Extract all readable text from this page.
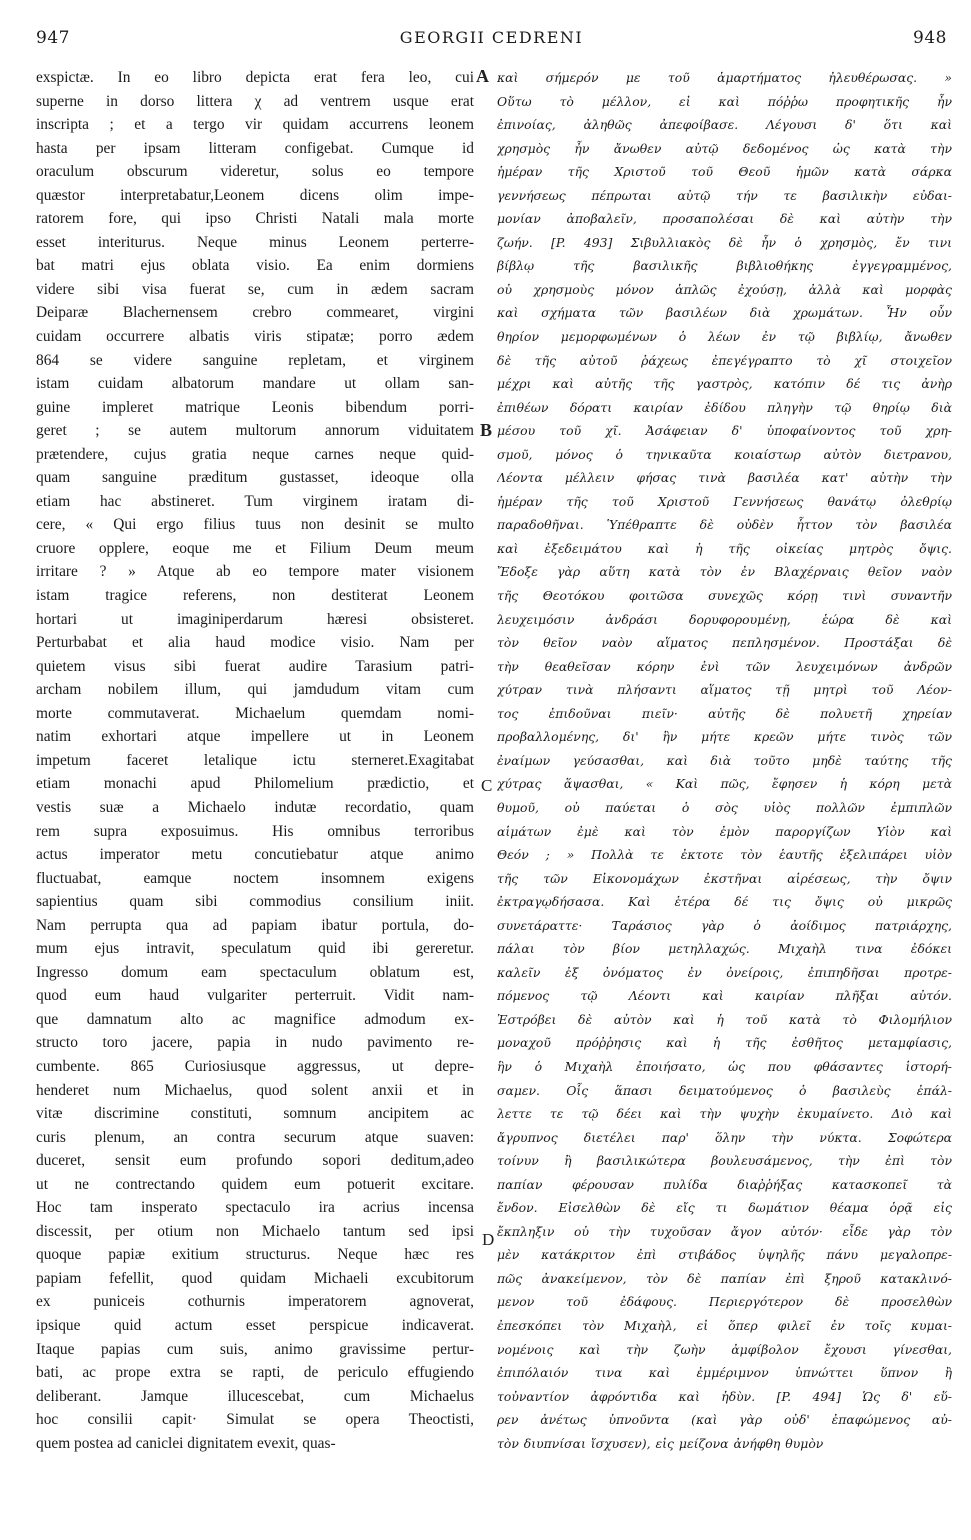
947	GEORGII CEDRENI	948
exspictæ. In eo libro depicta erat fera leo, cui
superne in dorso littera χ ad ventrem usque erat
inscripta ; et a tergo vir quidam accurrens leonem
hasta per ipsam litteram configebat. Cumque id
oraculum obscurum videretur, solus eo tempore
quæstor interpretabatur,Leonem dicens olim impe-
ratorem fore, qui ipso Christi Natali mala morte
esset interiturus. Neque minus Leonem perterre-
bat matri ejus oblata visio. Ea enim dormiens
videre sibi visa fuerat se, cum in ædem sacram
Deiparæ Blachernensem crebro commearet, virgini
cuidam occurrere albatis viris stipatæ; porro ædem
864 se videre sanguine repletam, et virginem
istam cuidam albatorum mandare ut ollam san-
guine impleret matrique Leonis bibendum porri-
geret ; se autem multorum annorum viduitatem
prætendere, cujus gratia neque carnes neque quid-
quam sanguine præditum gustasset, ideoque olla
etiam hac abstineret. Tum virginem iratam di-
cere, « Qui ergo filius tuus non desinit se multo
cruore opplere, eoque me et Filium Deum meum
irritare ? » Atque ab eo tempore mater visionem
istam tragice referens, non destiterat Leonem
hortari ut imaginiperdarum hæresi obsisteret.
Perturbabat et alia haud modice visio. Nam per
quietem visus sibi fuerat audire Tarasium patri-
archam nobilem illum, qui jamdudum vitam cum
morte commutaverat. Michaelum quemdam nomi-
natim exhortari atque impellere ut in Leonem
impetum faceret letalique ictu sterneret.Exagitabat
etiam monachi apud Philomelium prædictio, et
vestis suæ a Michaelo indutæ recordatio, quam
rem supra exposuimus. His omnibus terroribus
actus imperator metu concutiebatur atque animo
fluctuabat, eamque noctem insomnem exigens
sapientius quam sibi commodius consilium iniit.
Nam perrupta qua ad papiam ibatur portula, do-
mum ejus intravit, speculatum quid ibi gereretur.
Ingresso domum eam spectaculum oblatum est,
quod eum haud vulgariter perterruit. Vidit nam-
que damnatum alto ac magnifice admodum ex-
structo toro jacere, papia in nudo pavimento re-
cumbente. 865 Curiosiusque aggressus, ut depre-
henderet num Michaelus, quod solent anxii et in
vitæ discrimine constituti, somnum ancipitem ac
curis plenum, an contra securum atque suaven:
duceret, sensit eum profundo sopori deditum,adeo
ut ne contrectando quidem eum potuerit excitare.
Hoc tam insperato spectaculo ira acrius incensa
discessit, per otium non Michaelo tantum sed ipsi
quoque papiæ exitium structurus. Neque hæc res
papiam fefellit, quod quidam Michaeli excubitorum
ex puniceis cothurnis imperatorem agnoverat,
ipsique quid actum esset perspicue indicaverat.
Itaque papias cum suis, animo gravissime pertur-
bati, ac prope extra se rapti, de periculo effugiendo
deliberant. Jamque illucescebat, cum Michaelus
hoc consilii capit· Simulat se opera Theoctisti,
quem postea ad caniclei dignitatem evexit, quas-
καὶ σήμερόν με τοῦ ἁμαρτήματος ἠλευθέρωσας. »
Οὕτω τὸ μέλλον, εἰ καὶ πόῤῥω προφητικῆς ἦν
ἐπινοίας, ἀληθῶς ἀπεφοίβασε. Λέγουσι δ' ὅτι καὶ
χρησμὸς ἦν ἄνωθεν αὐτῷ δεδομένος ὡς κατὰ τὴν
ἡμέραν τῆς Χριστοῦ τοῦ Θεοῦ ἡμῶν κατὰ σάρκα
γεννήσεως πέπρωται αὐτῷ τήν τε βασιλικὴν εὐδαι-
μονίαν ἀποβαλεῖν, προσαπολέσαι δὲ καὶ αὐτὴν τὴν
ζωήν. [P. 493] Σιβυλλιακὸς δὲ ἦν ὁ χρησμὸς, ἔν τινι
βίβλῳ τῆς βασιλικῆς βιβλιοθήκης ἐγγεγραμμένος,
οὐ χρησμοὺς μόνον ἁπλῶς ἐχούσῃ, ἀλλὰ καὶ μορφὰς
καὶ σχήματα τῶν βασιλέων διὰ χρωμάτων. Ἦν οὖν
θηρίον μεμορφωμένων ὁ λέων ἐν τῷ βιβλίῳ, ἄνωθεν
δὲ τῆς αὐτοῦ ῥάχεως ἐπεγέγραπτο τὸ χῖ στοιχεῖον
μέχρι καὶ αὐτῆς τῆς γαστρὸς, κατόπιν δέ τις ἀνὴρ
ἐπιθέων δόρατι καιρίαν ἐδίδου πληγὴν τῷ θηρίῳ διὰ
μέσου τοῦ χῖ. Ἀσάφειαν δ' ὑποφαίνοντος τοῦ χρη-
σμοῦ, μόνος ὁ τηνικαῦτα κοιαίστωρ αὐτὸν διετρανου,
Λέοντα μέλλειν φήσας τινὰ βασιλέα κατ' αὐτὴν τὴν
ἡμέραν τῆς τοῦ Χριστοῦ Γεννήσεως θανάτῳ ὀλεθρίῳ
παραδοθῆναι. Ὑπέθραπτε δὲ οὐδὲν ἧττον τὸν βασιλέα
καὶ ἐξεδειμάτου καὶ ἡ τῆς οἰκείας μητρὸς ὄψις.
Ἔδοξε γὰρ αὕτη κατὰ τὸν ἐν Βλαχέρναις θεῖον ναὸν
τῆς Θεοτόκου φοιτῶσα συνεχῶς κόρῃ τινὶ συναντῆν
λευχειμόσιν ἀνδράσι δορυφορουμένῃ, ἑώρα δὲ καὶ
τὸν θεῖον ναὸν αἵματος πεπλησμένον. Προστάξαι δὲ
τὴν θεαθεῖσαν κόρην ἑνὶ τῶν λευχειμόνων ἀνδρῶν
χύτραν τινὰ πλήσαντι αἵματος τῇ μητρὶ τοῦ Λέον-
τος ἐπιδοῦναι πιεῖν· αὐτῆς δὲ πολυετῆ χηρείαν
προβαλλομένης, δι' ἣν μήτε κρεῶν μήτε τινὸς τῶν
ἐναίμων γεύσασθαι, καὶ διὰ τοῦτο μηδὲ ταύτης τῆς
χύτρας ἅψασθαι, « Καὶ πῶς, ἔφησεν ἡ κόρη μετὰ
θυμοῦ, οὐ παύεται ὁ σὸς υἱὸς πολλῶν ἐμπιπλῶν
αἱμάτων ἐμὲ καὶ τὸν ἐμὸν παροργίζων Υἱὸν καὶ
Θεόν ; » Πολλὰ τε ἐκτοτε τὸν ἑαυτῆς ἐξελιπάρει υἱὸν
τῆς τῶν Εἰκονομάχων ἐκστῆναι αἱρέσεως, τὴν ὄψιν
ἐκτραγῳδήσασα. Καὶ ἑτέρα δέ τις ὄψις οὐ μικρῶς
συνετάραττε· Ταράσιος γὰρ ὁ ἀοίδιμος πατριάρχης,
πάλαι τὸν βίον μετηλλαχώς. Μιχαὴλ τινα ἐδόκει
καλεῖν ἐξ ὀνόματος ἐν ὀνείροις, ἐπιπηδῆσαι προτρε-
πόμενος τῷ Λέοντι καὶ καιρίαν πλῆξαι αὐτόν.
Ἐστρόβει δὲ αὐτὸν καὶ ἡ τοῦ κατὰ τὸ Φιλομήλιον
μοναχοῦ πρόῤῥησις καὶ ἡ τῆς ἐσθῆτος μεταμφίασις,
ἣν ὁ Μιχαὴλ ἐποιήσατο, ὡς που φθάσαντες ἱστορή-
σαμεν. Οἷς ἅπασι δειματούμενος ὁ βασιλεὺς ἐπάλ-
λεττε τε τῷ δέει καὶ τὴν ψυχὴν ἐκυμαίνετο. Διὸ καὶ
ἄγρυπνος διετέλει παρ' ὅλην τὴν νύκτα. Σοφώτερα
τοίνυν ἢ βασιλικώτερα βουλευσάμενος, τὴν ἐπὶ τὸν
παπίαν φέρουσαν πυλίδα διαῤῥήξας κατασκοπεῖ τὰ
ἔνδον. Εἰσελθὼν δὲ εἴς τι δωμάτιον θέαμα ὁρᾷ εἰς
ἔκπληξιν οὐ τὴν τυχοῦσαν ἄγον αὐτόν· εἶδε γὰρ τὸν
μὲν κατάκριτον ἐπὶ στιβάδος ὑψηλῆς πάνυ μεγαλοπρε-
πῶς ἀνακείμενον, τὸν δὲ παπίαν ἐπὶ ξηροῦ κατακλινό-
μενον τοῦ ἐδάφους. Περιεργότερον δὲ προσελθὼν
ἐπεσκόπει τὸν Μιχαὴλ, εἰ ὅπερ φιλεῖ ἐν τοῖς κυμαι-
νομένοις καὶ τὴν ζωὴν ἀμφίβολον ἔχουσι γίνεσθαι,
ἐπιπόλαιόν τινα καὶ ἐμμέριμνον ὑπνώττει ὕπνον ἢ
τοὐναντίον ἀφρόντιδα καὶ ἡδὺν. [P. 494] Ὡς δ' εὕ-
ρεν ἀνέτως ὑπνοῦντα (καὶ γὰρ οὐδ' ἐπαφώμενος αὐ-
τὸν διυπνίσαι ἴσχυσεν), εἰς μείζονα ἀνήφθη θυμὸν
A
B
C
D
